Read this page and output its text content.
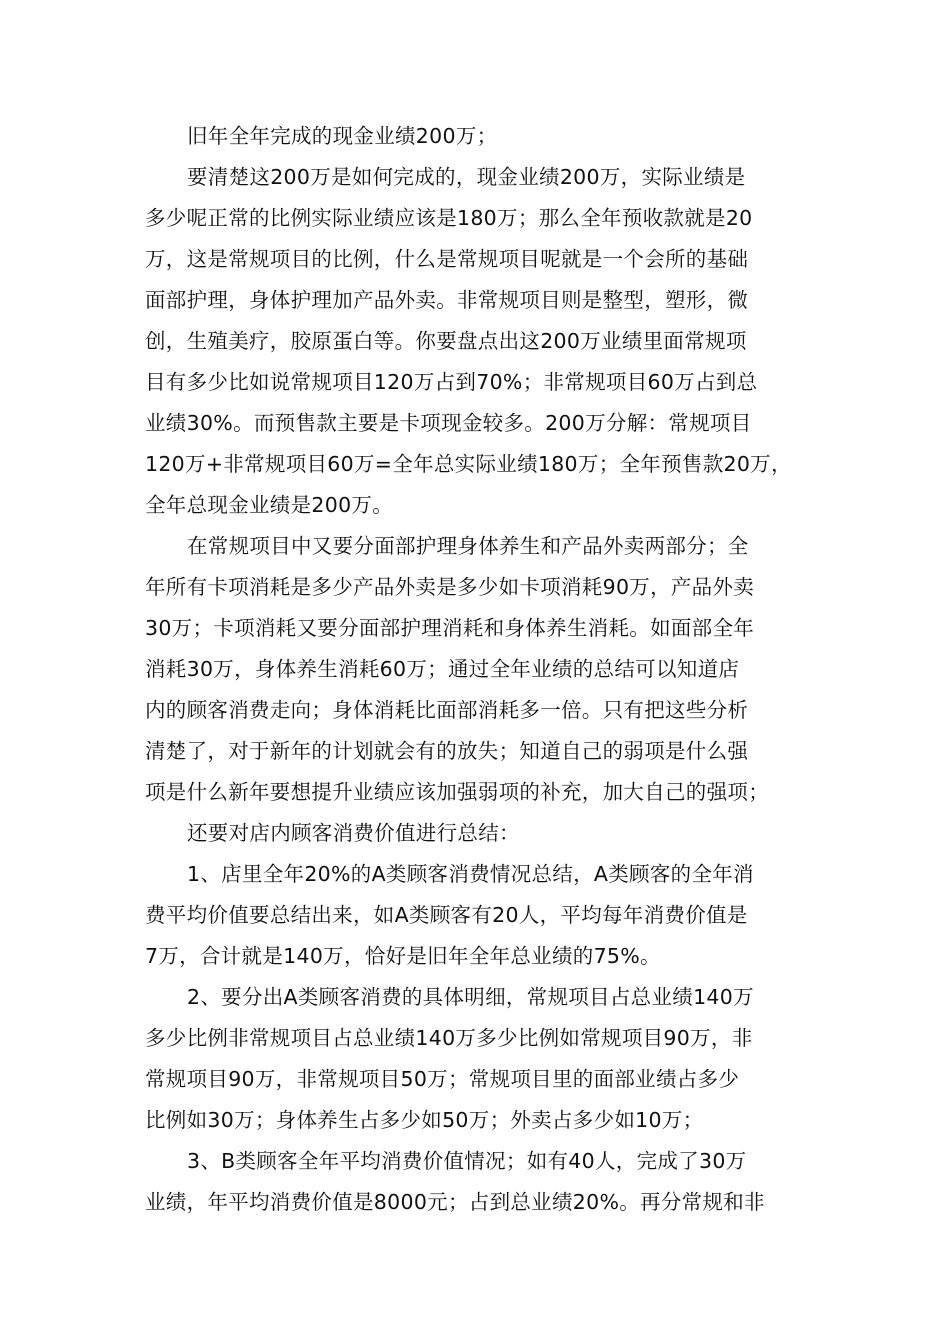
旧年全年完成的现金业绩200万；
要清楚这200万是如何完成的，现金业绩200万，实际业绩是
多少呢正常的比例实际业绩应该是180万；那么全年预收款就是20
万，这是常规项目的比例，什么是常规项目呢就是一个会所的基础
面部护理，身体护理加产品外卖。非常规项目则是整型，塑形，微
创，生殖美疗，胶原蛋白等。你要盘点出这200万业绩里面常规项
目有多少比如说常规项目120万占到70%；非常规项目60万占到总
业绩30%。而预售款主要是卡项现金较多。200万分解：常规项目
120万+非常规项目60万=全年总实际业绩180万；全年预售款20万，
全年总现金业绩是200万。
在常规项目中又要分面部护理身体养生和产品外卖两部分；全
年所有卡项消耗是多少产品外卖是多少如卡项消耗90万，产品外卖
30万；卡项消耗又要分面部护理消耗和身体养生消耗。如面部全年
消耗30万，身体养生消耗60万；通过全年业绩的总结可以知道店
内的顾客消费走向；身体消耗比面部消耗多一倍。只有把这些分析
清楚了，对于新年的计划就会有的放失；知道自己的弱项是什么强
项是什么新年要想提升业绩应该加强弱项的补充，加大自己的强项；
还要对店内顾客消费价值进行总结：
1、店里全年20%的A类顾客消费情况总结，A类顾客的全年消
费平均价值要总结出来，如A类顾客有20人，平均每年消费价值是
7万，合计就是140万，恰好是旧年全年总业绩的75%。
2、要分出A类顾客消费的具体明细，常规项目占总业绩140万
多少比例非常规项目占总业绩140万多少比例如常规项目90万，非
常规项目90万，非常规项目50万；常规项目里的面部业绩占多少
比例如30万；身体养生占多少如50万；外卖占多少如10万；
3、B类顾客全年平均消费价值情况；如有40人，完成了30万
业绩，年平均消费价值是8000元；占到总业绩20%。再分常规和非
